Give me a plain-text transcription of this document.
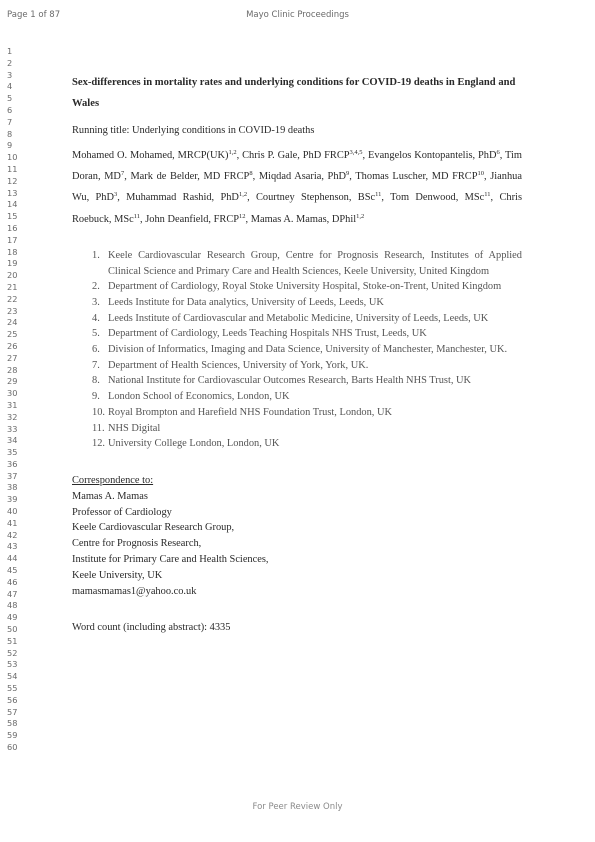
Page 1 of 87	Mayo Clinic Proceedings
1
2
3
4
5
6
7
8
9
10
11
12
13
14
15
16
17
18
19
20
21
22
23
24
25
26
27
28
29
30
31
32
33
34
35
36
37
38
39
40
41
42
43
44
45
46
47
48
49
50
51
52
53
54
55
56
57
58
59
60

Sex-differences in mortality rates and underlying conditions for COVID-19 deaths in England and Wales

Running title: Underlying conditions in COVID-19 deaths

Mohamed O. Mohamed, MRCP(UK)$^{1,2}$, Chris P. Gale, PhD FRCP$^{3,4,5}$, Evangelos Kontopantelis, PhD$^6$, Tim Doran, $MD^7$, Mark de Belder, MD FRCP$^8$, Miqdad Asaria, PhD$^9$, Thomas Luscher, MD FRCP$^{10}$, Jianhua Wu, PhD$^3$, Muhammad Rashid, PhD$^{1,2}$, Courtney Stephenson, BSc$^{11}$, Tom Denwood, MSc$^{11}$, Chris Roebuck, MSc$^{11}$, John Deanfield, FRCP$^{12}$, Mamas A. Mamas, DPhil$^{1,2}$

1. Keele Cardiovascular Research Group, Centre for Prognosis Research, Institutes of Applied Clinical Science and Primary Care and Health Sciences, Keele University, United Kingdom
2. Department of Cardiology, Royal Stoke University Hospital, Stoke-on-Trent, United Kingdom
3. Leeds Institute for Data analytics, University of Leeds, Leeds, UK
4. Leeds Institute of Cardiovascular and Metabolic Medicine, University of Leeds, Leeds, UK
5. Department of Cardiology, Leeds Teaching Hospitals NHS Trust, Leeds, UK
6. Division of Informatics, Imaging and Data Science, University of Manchester, Manchester, UK.
7. Department of Health Sciences, University of York, York, UK.
8. National Institute for Cardiovascular Outcomes Research, Barts Health NHS Trust, UK
9. London School of Economics, London, UK
10. Royal Brompton and Harefield NHS Foundation Trust, London, UK
11. NHS Digital
12. University College London, London, UK
Correspondence to:
Mamas A. Mamas
Professor of Cardiology
Keele Cardiovascular Research Group,
Centre for Prognosis Research,
Institute for Primary Care and Health Sciences,
Keele University, UK
mamasmamas1@yahoo.co.uk
Word count (including abstract): 4335
For Peer Review Only
